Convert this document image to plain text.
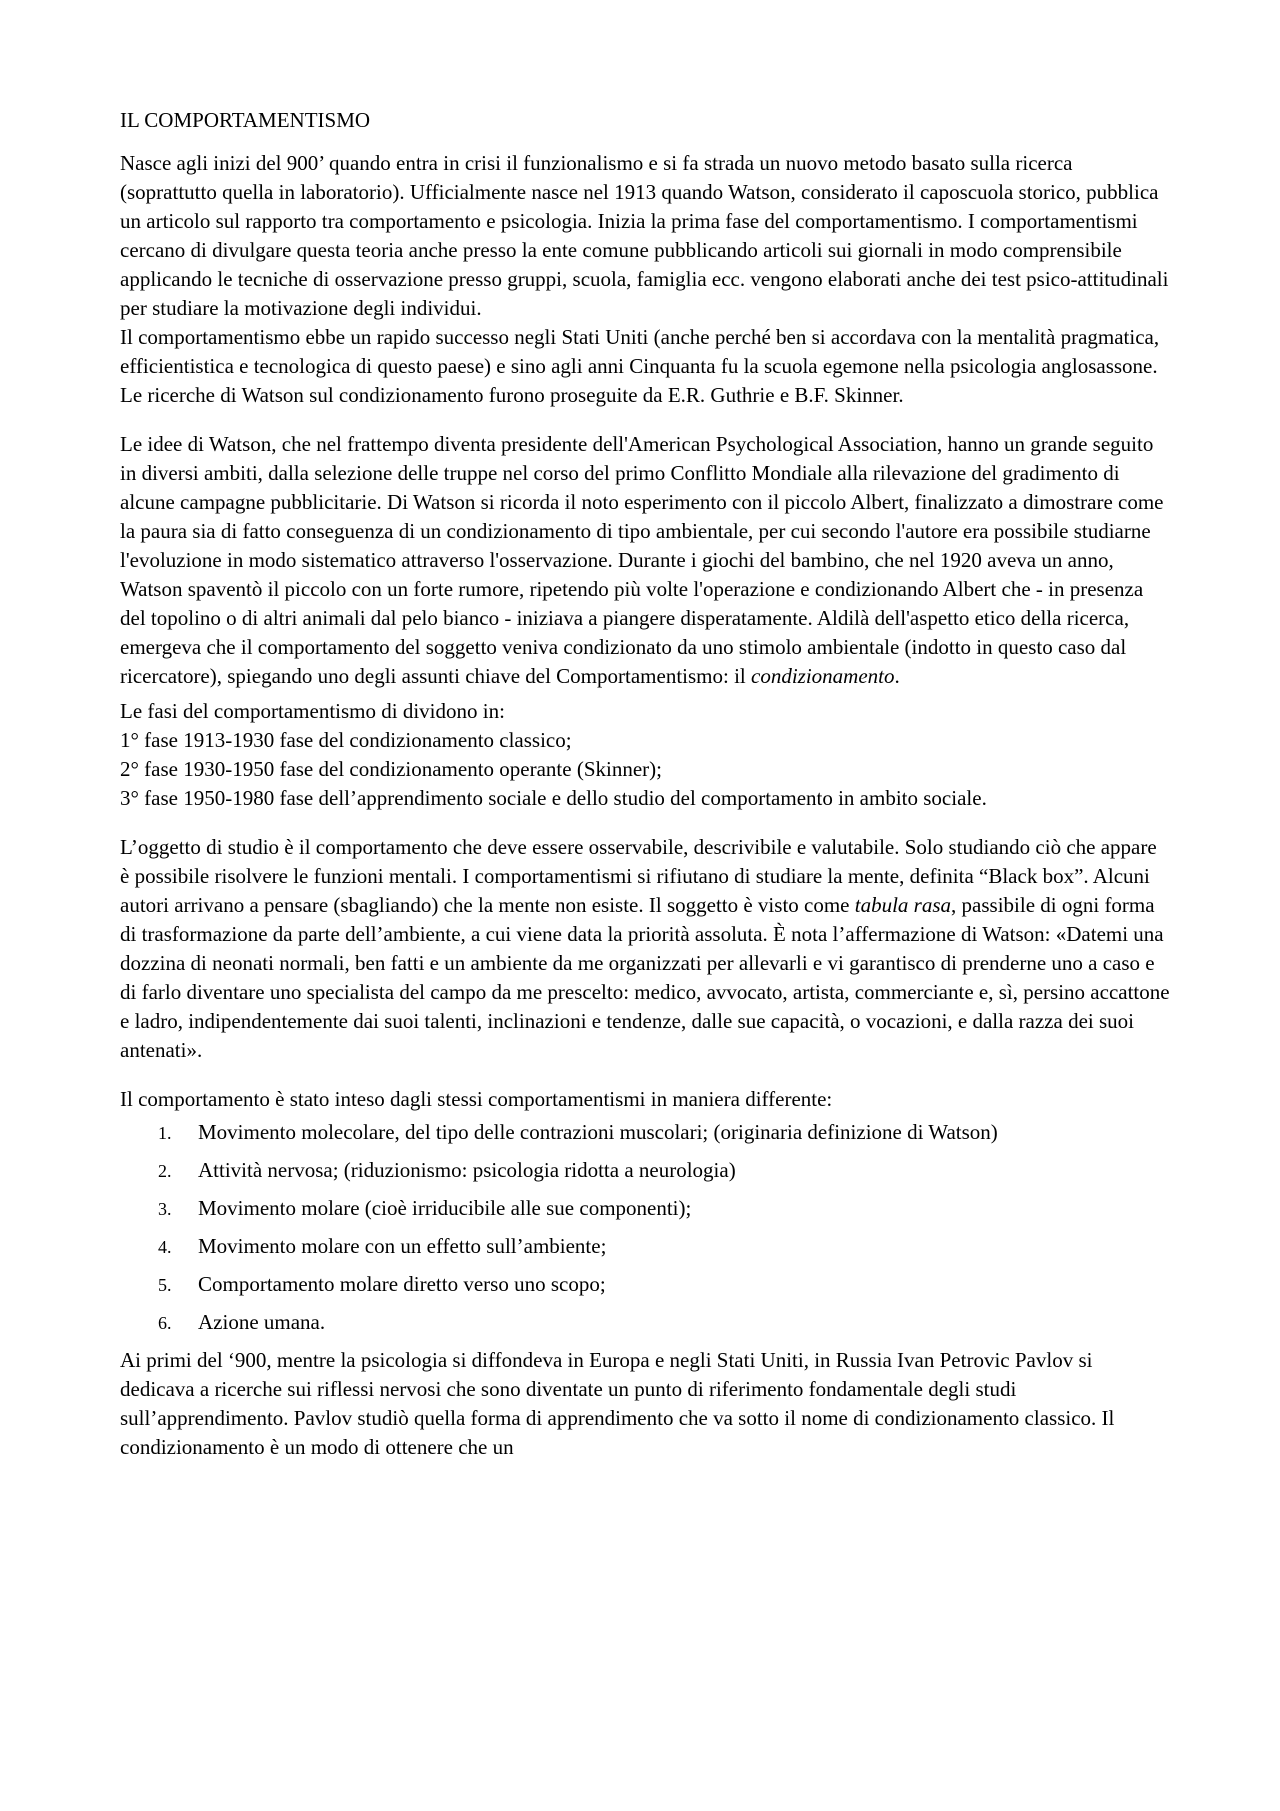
IL COMPORTAMENTISMO

Nasce agli inizi del 900’ quando entra in crisi il funzionalismo e si fa strada un nuovo metodo basato sulla ricerca (soprattutto quella in laboratorio). Ufficialmente nasce nel 1913 quando Watson, considerato il caposcuola storico, pubblica un articolo sul rapporto tra comportamento e psicologia. Inizia la prima fase del comportamentismo. I comportamentismi cercano di divulgare questa teoria anche presso la ente comune pubblicando articoli sui giornali in modo comprensibile applicando le tecniche di osservazione presso gruppi, scuola, famiglia ecc. vengono elaborati anche dei test psico-attitudinali per studiare la motivazione degli individui.

Il comportamentismo ebbe un rapido successo negli Stati Uniti (anche perché ben si accordava con la mentalità pragmatica, efficientistica e tecnologica di questo paese) e sino agli anni Cinquanta fu la scuola egemone nella psicologia anglosassone. Le ricerche di Watson sul condizionamento furono proseguite da E.R. Guthrie e B.F. Skinner.

Le idee di Watson, che nel frattempo diventa presidente dell'American Psychological Association, hanno un grande seguito in diversi ambiti, dalla selezione delle truppe nel corso del primo Conflitto Mondiale alla rilevazione del gradimento di alcune campagne pubblicitarie. Di Watson si ricorda il noto esperimento con il piccolo Albert, finalizzato a dimostrare come la paura sia di fatto conseguenza di un condizionamento di tipo ambientale, per cui secondo l'autore era possibile studiarne l'evoluzione in modo sistematico attraverso l'osservazione. Durante i giochi del bambino, che nel 1920 aveva un anno, Watson spaventò il piccolo con un forte rumore, ripetendo più volte l'operazione e condizionando Albert che - in presenza del topolino o di altri animali dal pelo bianco - iniziava a piangere disperatamente. Aldilà dell'aspetto etico della ricerca, emergeva che il comportamento del soggetto veniva condizionato da uno stimolo ambientale (indotto in questo caso dal ricercatore), spiegando uno degli assunti chiave del Comportamentismo: il condizionamento.

Le fasi del comportamentismo di dividono in:

1° fase 1913-1930 fase del condizionamento classico;

2° fase 1930-1950 fase del condizionamento operante (Skinner);

3° fase 1950-1980 fase dell’apprendimento sociale e dello studio del comportamento in ambito sociale.

L’oggetto di studio è il comportamento che deve essere osservabile, descrivibile e valutabile. Solo studiando ciò che appare è possibile risolvere le funzioni mentali. I comportamentismi si rifiutano di studiare la mente, definita “Black box”. Alcuni autori arrivano a pensare (sbagliando) che la mente non esiste. Il soggetto è visto come tabula rasa, passibile di ogni forma di trasformazione da parte dell’ambiente, a cui viene data la priorità assoluta. È nota l’affermazione di Watson: «Datemi una dozzina di neonati normali, ben fatti e un ambiente da me organizzati per allevarli e vi garantisco di prenderne uno a caso e di farlo diventare uno specialista del campo da me prescelto: medico, avvocato, artista, commerciante e, sì, persino accattone e ladro, indipendentemente dai suoi talenti, inclinazioni e tendenze, dalle sue capacità, o vocazioni, e dalla razza dei suoi antenati».

Il comportamento è stato inteso dagli stessi comportamentismi in maniera differente:

1. Movimento molecolare, del tipo delle contrazioni muscolari; (originaria definizione di Watson)
2. Attività nervosa; (riduzionismo: psicologia ridotta a neurologia)
3. Movimento molare (cioè irriducibile alle sue componenti);
4. Movimento molare con un effetto sull’ambiente;
5. Comportamento molare diretto verso uno scopo;
6. Azione umana.

Ai primi del ‘900, mentre la psicologia si diffondeva in Europa e negli Stati Uniti, in Russia Ivan Petrovic Pavlov si dedicava a ricerche sui riflessi nervosi che sono diventate un punto di riferimento fondamentale degli studi sull’apprendimento. Pavlov studiò quella forma di apprendimento che va sotto il nome di condizionamento classico. Il condizionamento è un modo di ottenere che un
